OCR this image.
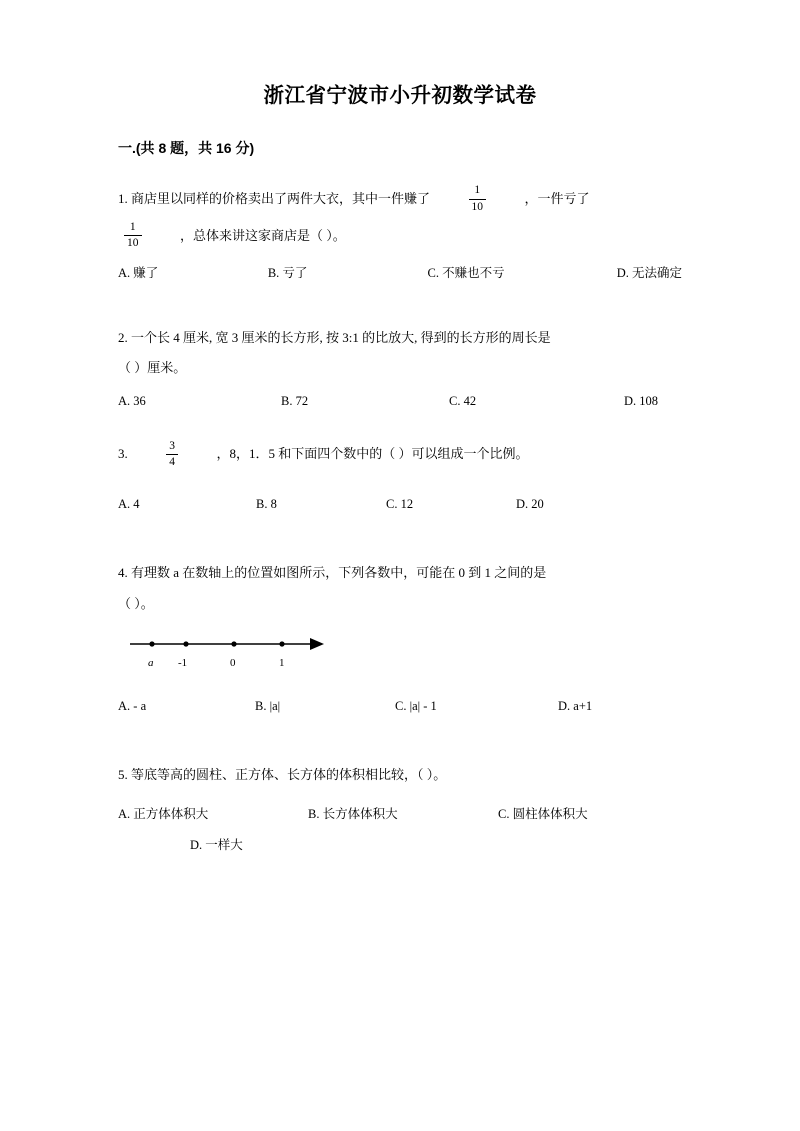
浙江省宁波市小升初数学试卷
一.(共 8 题，共 16 分)
1. 商店里以同样的价格卖出了两件大衣，其中一件赚了	$\frac{1}{10}$	，一件亏了
$\frac{1}{10}$	，总体来讲这家商店是（ ）。
A. 赚了	B. 亏了	C. 不赚也不亏	D. 无法确定
2. 一个长 4 厘米, 宽 3 厘米的长方形, 按 3:1 的比放大, 得到的长方形的周长是
（ ）厘米。
A. 36	B. 72	C. 42	D. 108
3.	$\frac{3}{4}$	，8，1．5 和下面四个数中的（ ）可以组成一个比例。
A. 4	B. 8	C. 12	D. 20
4. 有理数 a 在数轴上的位置如图所示，下列各数中，可能在 0 到 1 之间的是
（ ）。
a -1	0	1
A. - a	B. |a|	C. |a| - 1	D. a+1
5. 等底等高的圆柱、正方体、长方体的体积相比较，（ ）。
A. 正方体体积大	B. 长方体体积大	C. 圆柱体体积大
D. 一样大
